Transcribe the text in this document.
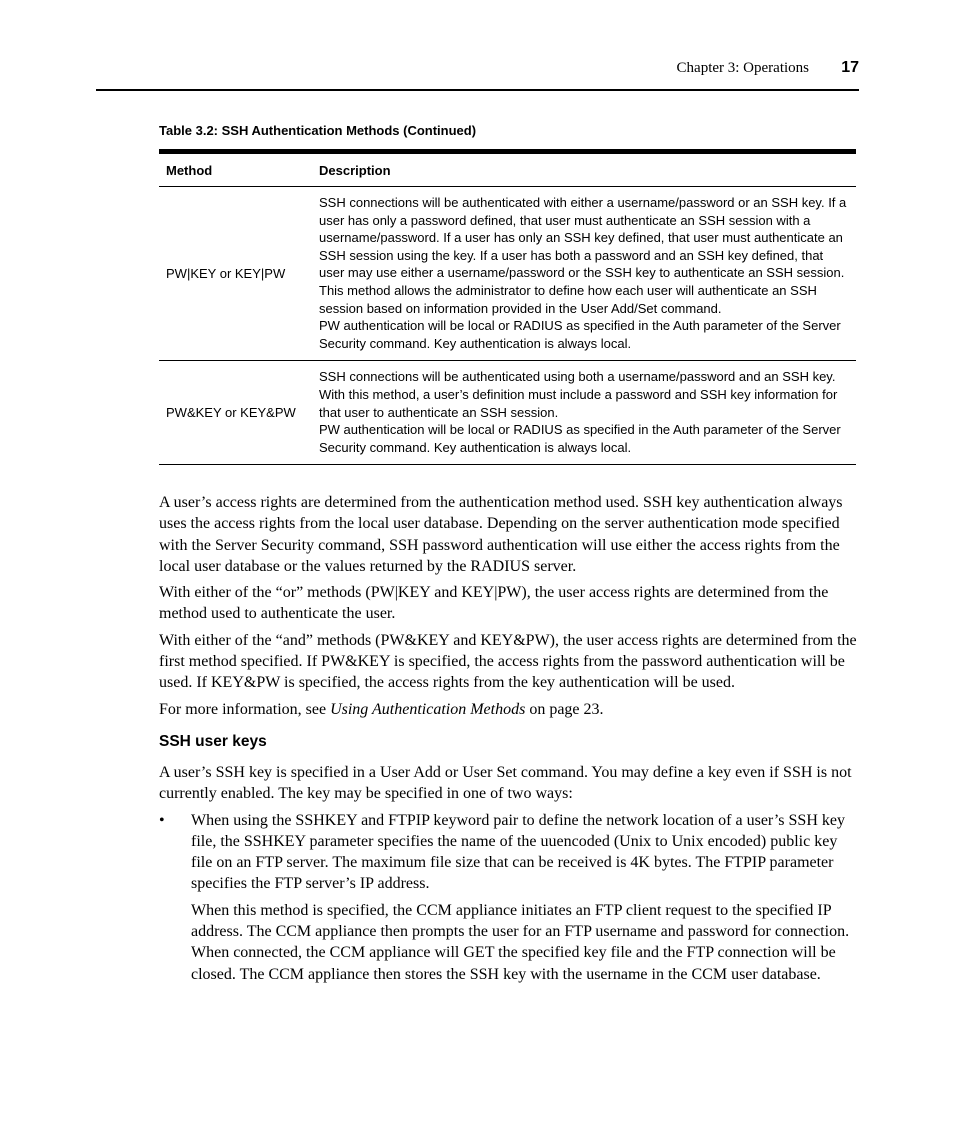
Chapter 3: Operations 17
Table 3.2: SSH Authentication Methods (Continued)
Method	Description
PW|KEY or KEY|PW

SSH connections will be authenticated with either a username/password or an SSH key. If a user has only a password defined, that user must authenticate an SSH session with a username/password. If a user has only an SSH key defined, that user must authenticate an SSH session using the key. If a user has both a password and an SSH key defined, that user may use either a username/password or the SSH key to authenticate an SSH session. This method allows the administrator to define how each user will authenticate an SSH session based on information provided in the User Add/Set command.

PW authentication will be local or RADIUS as specified in the Auth parameter of the Server Security command. Key authentication is always local.

PW&KEY or KEY&PW

SSH connections will be authenticated using both a username/password and an SSH key. With this method, a user’s definition must include a password and SSH key information for that user to authenticate an SSH session.

PW authentication will be local or RADIUS as specified in the Auth parameter of the Server Security command. Key authentication is always local.

A user’s access rights are determined from the authentication method used. SSH key authentication always uses the access rights from the local user database. Depending on the server authentication mode specified with the Server Security command, SSH password authentication will use either the access rights from the local user database or the values returned by the RADIUS server.

With either of the “or” methods (PW|KEY and KEY|PW), the user access rights are determined from the method used to authenticate the user.

With either of the “and” methods (PW&KEY and KEY&PW), the user access rights are determined from the first method specified. If PW&KEY is specified, the access rights from the password authentication will be used. If KEY&PW is specified, the access rights from the key authentication will be used.

For more information, see Using Authentication Methods on page 23.

SSH user keys

A user’s SSH key is specified in a User Add or User Set command. You may define a key even if SSH is not currently enabled. The key may be specified in one of two ways:

• When using the SSHKEY and FTPIP keyword pair to define the network location of a user’s SSH key file, the SSHKEY parameter specifies the name of the uuencoded (Unix to Unix encoded) public key file on an FTP server. The maximum file size that can be received is 4K bytes. The FTPIP parameter specifies the FTP server’s IP address.

When this method is specified, the CCM appliance initiates an FTP client request to the specified IP address. The CCM appliance then prompts the user for an FTP username and password for connection. When connected, the CCM appliance will GET the specified key file and the FTP connection will be closed. The CCM appliance then stores the SSH key with the username in the CCM user database.
